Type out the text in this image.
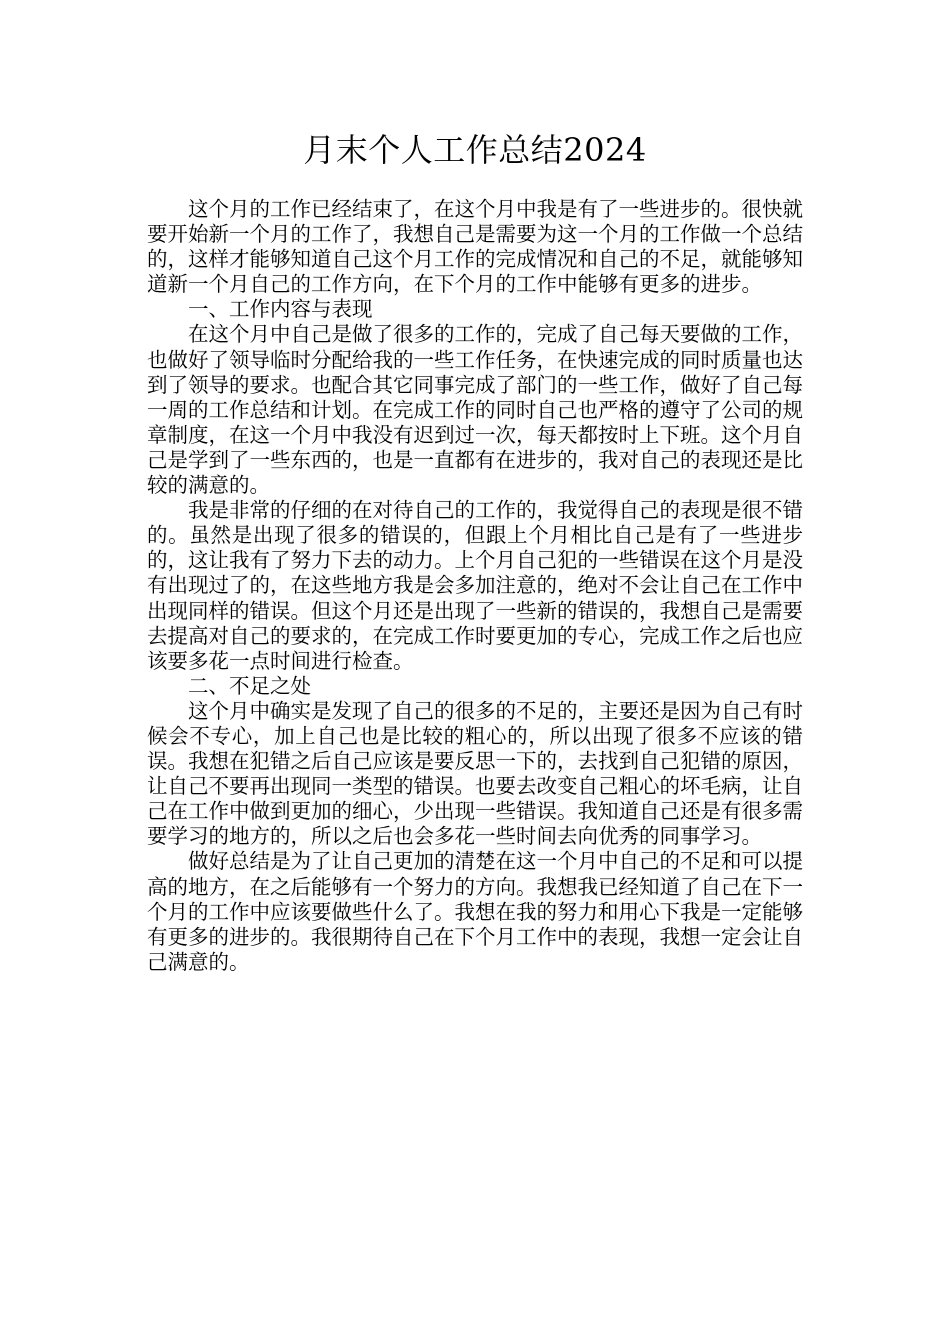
月末个人工作总结2024

这个月的工作已经结束了，在这个月中我是有了一些进步的。很快就要开始新一个月的工作了，我想自己是需要为这一个月的工作做一个总结的，这样才能够知道自己这个月工作的完成情况和自己的不足，就能够知道新一个月自己的工作方向，在下个月的工作中能够有更多的进步。

一、工作内容与表现

在这个月中自己是做了很多的工作的，完成了自己每天要做的工作，也做好了领导临时分配给我的一些工作任务，在快速完成的同时质量也达到了领导的要求。也配合其它同事完成了部门的一些工作，做好了自己每一周的工作总结和计划。在完成工作的同时自己也严格的遵守了公司的规章制度，在这一个月中我没有迟到过一次，每天都按时上下班。这个月自己是学到了一些东西的，也是一直都有在进步的，我对自己的表现还是比较的满意的。

我是非常的仔细的在对待自己的工作的，我觉得自己的表现是很不错的。虽然是出现了很多的错误的，但跟上个月相比自己是有了一些进步的，这让我有了努力下去的动力。上个月自己犯的一些错误在这个月是没有出现过了的，在这些地方我是会多加注意的，绝对不会让自己在工作中出现同样的错误。但这个月还是出现了一些新的错误的，我想自己是需要去提高对自己的要求的，在完成工作时要更加的专心，完成工作之后也应该要多花一点时间进行检查。

二、不足之处

这个月中确实是发现了自己的很多的不足的，主要还是因为自己有时候会不专心，加上自己也是比较的粗心的，所以出现了很多不应该的错误。我想在犯错之后自己应该是要反思一下的，去找到自己犯错的原因，让自己不要再出现同一类型的错误。也要去改变自己粗心的坏毛病，让自己在工作中做到更加的细心，少出现一些错误。我知道自己还是有很多需要学习的地方的，所以之后也会多花一些时间去向优秀的同事学习。

做好总结是为了让自己更加的清楚在这一个月中自己的不足和可以提高的地方，在之后能够有一个努力的方向。我想我已经知道了自己在下一个月的工作中应该要做些什么了。我想在我的努力和用心下我是一定能够有更多的进步的。我很期待自己在下个月工作中的表现，我想一定会让自己满意的。
